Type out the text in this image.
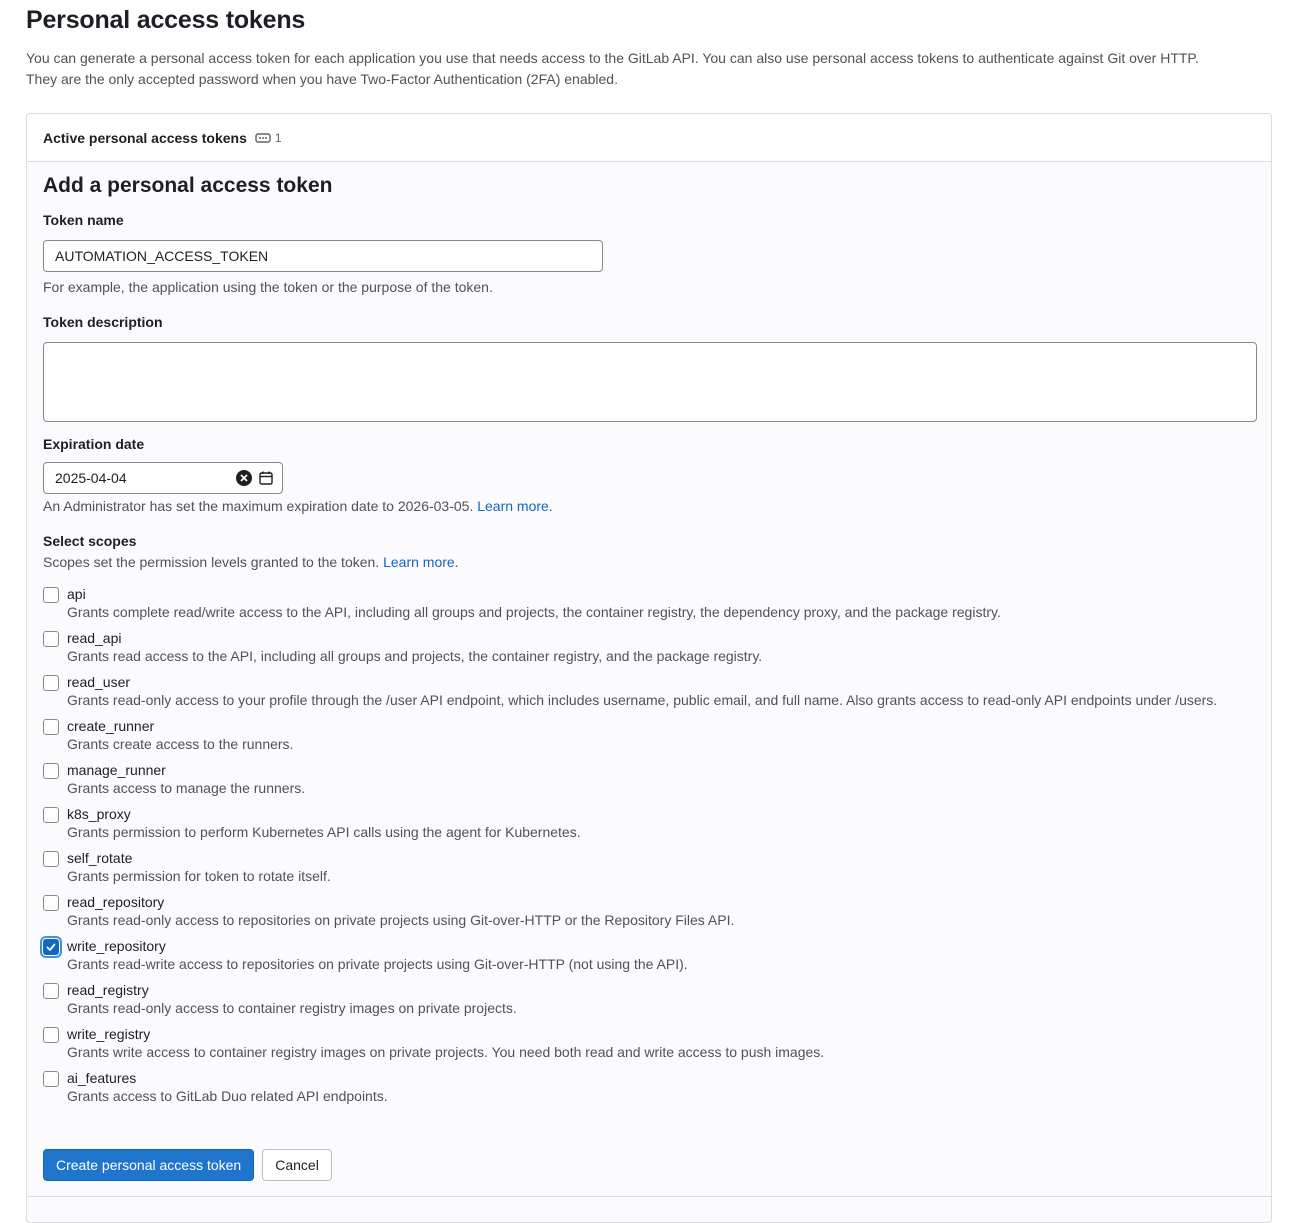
Personal access tokens

You can generate a personal access token for each application you use that needs access to the GitLab API. You can also use personal access tokens to authenticate against Git over HTTP.
They are the only accepted password when you have Two-Factor Authentication (2FA) enabled.

Active personal access tokens 1
Add a personal access token
Token name
AUTOMATION_ACCESS_TOKEN
For example, the application using the token or the purpose of the token.
Token description
Expiration date
2025-04-04
An Administrator has set the maximum expiration date to 2026-03-05. Learn more.
Select scopes
Scopes set the permission levels granted to the token. Learn more.
api
Grants complete read/write access to the API, including all groups and projects, the container registry, the dependency proxy, and the package registry.
read_api
Grants read access to the API, including all groups and projects, the container registry, and the package registry.
read_user
Grants read-only access to your profile through the /user API endpoint, which includes username, public email, and full name. Also grants access to read-only API endpoints under /users.
create_runner
Grants create access to the runners.
manage_runner
Grants access to manage the runners.
k8s_proxy
Grants permission to perform Kubernetes API calls using the agent for Kubernetes.
self_rotate
Grants permission for token to rotate itself.
read_repository
Grants read-only access to repositories on private projects using Git-over-HTTP or the Repository Files API.
write_repository
Grants read-write access to repositories on private projects using Git-over-HTTP (not using the API).
read_registry
Grants read-only access to container registry images on private projects.
write_registry
Grants write access to container registry images on private projects. You need both read and write access to push images.
ai_features
Grants access to GitLab Duo related API endpoints.
Create personal access token	Cancel
